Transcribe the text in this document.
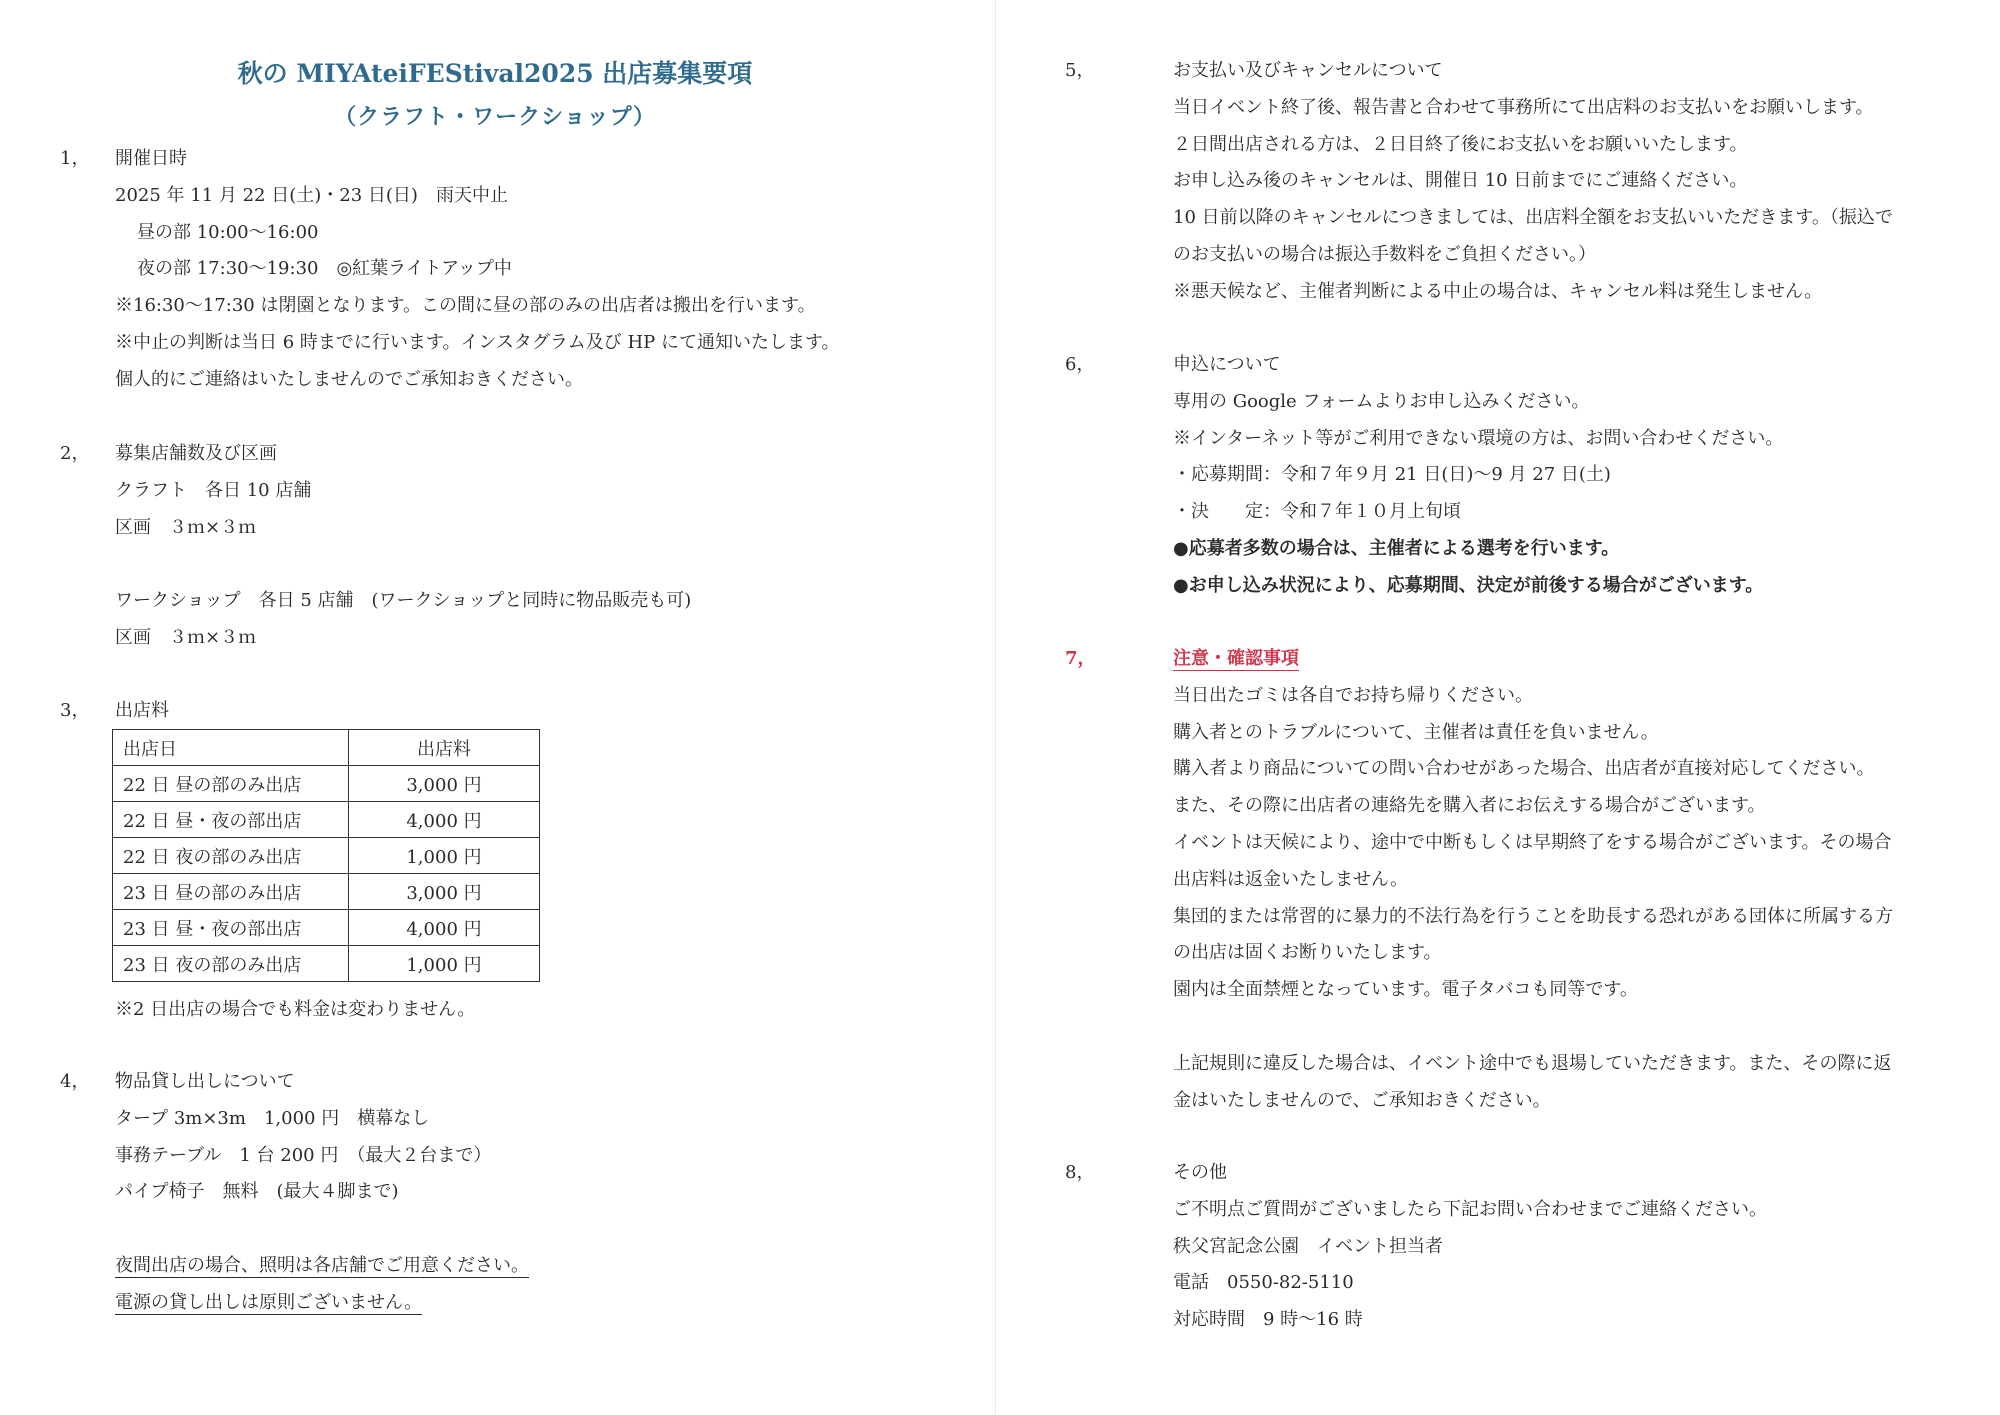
秋の MIYAteiFEStival2025 出店募集要項
（クラフト・ワークショップ）
1， 開催日時
2025 年 11 月 22 日(土)・23 日(日)　雨天中止
昼の部 10:00～16:00
夜の部 17:30～19:30　◎紅葉ライトアップ中
※16:30～17:30 は閉園となります。この間に昼の部のみの出店者は搬出を行います。
※中止の判断は当日 6 時までに行います。インスタグラム及び HP にて通知いたします。
個人的にご連絡はいたしませんのでご承知おきください。
2， 募集店舗数及び区画
クラフト　各日 10 店舗
区画　３ｍ×３ｍ
ワークショップ　各日 5 店舗　(ワークショップと同時に物品販売も可)
区画　３ｍ×３ｍ
3， 出店料
出店日	出店料
22 日 昼の部のみ出店	3,000 円
22 日 昼・夜の部出店	4,000 円
22 日 夜の部のみ出店	1,000 円
23 日 昼の部のみ出店	3,000 円
23 日 昼・夜の部出店	4,000 円
23 日 夜の部のみ出店	1,000 円
※2 日出店の場合でも料金は変わりません。
4， 物品貸し出しについて
タープ 3m×3m　1,000 円　横幕なし
事務テーブル　1 台 200 円　（最大２台まで）
パイプ椅子　無料　(最大４脚まで)
夜間出店の場合、照明は各店舗でご用意ください。
電源の貸し出しは原則ございません。
5，	お支払い及びキャンセルについて
当日イベント終了後、報告書と合わせて事務所にて出店料のお支払いをお願いします。
２日間出店される方は、２日目終了後にお支払いをお願いいたします。
お申し込み後のキャンセルは、開催日 10 日前までにご連絡ください。
10 日前以降のキャンセルにつきましては、出店料全額をお支払いいただきます。（振込で
のお支払いの場合は振込手数料をご負担ください。）
※悪天候など、主催者判断による中止の場合は、キャンセル料は発生しません。
6，	申込について
専用の Google フォームよりお申し込みください。
※インターネット等がご利用できない環境の方は、お問い合わせください。
・応募期間：令和７年９月 21 日(日)～9 月 27 日(土)
・決　　定：令和７年１０月上旬頃
●応募者多数の場合は、主催者による選考を行います。
●お申し込み状況により、応募期間、決定が前後する場合がございます。
7，	注意・確認事項
当日出たゴミは各自でお持ち帰りください。
購入者とのトラブルについて、主催者は責任を負いません。
購入者より商品についての問い合わせがあった場合、出店者が直接対応してください。
また、その際に出店者の連絡先を購入者にお伝えする場合がございます。
イベントは天候により、途中で中断もしくは早期終了をする場合がございます。その場合
出店料は返金いたしません。
集団的または常習的に暴力的不法行為を行うことを助長する恐れがある団体に所属する方
の出店は固くお断りいたします。
園内は全面禁煙となっています。電子タバコも同等です。
上記規則に違反した場合は、イベント途中でも退場していただきます。また、その際に返
金はいたしませんので、ご承知おきください。
8，	その他
ご不明点ご質問がございましたら下記お問い合わせまでご連絡ください。
秩父宮記念公園　イベント担当者
電話　0550-82-5110
対応時間　9 時～16 時
